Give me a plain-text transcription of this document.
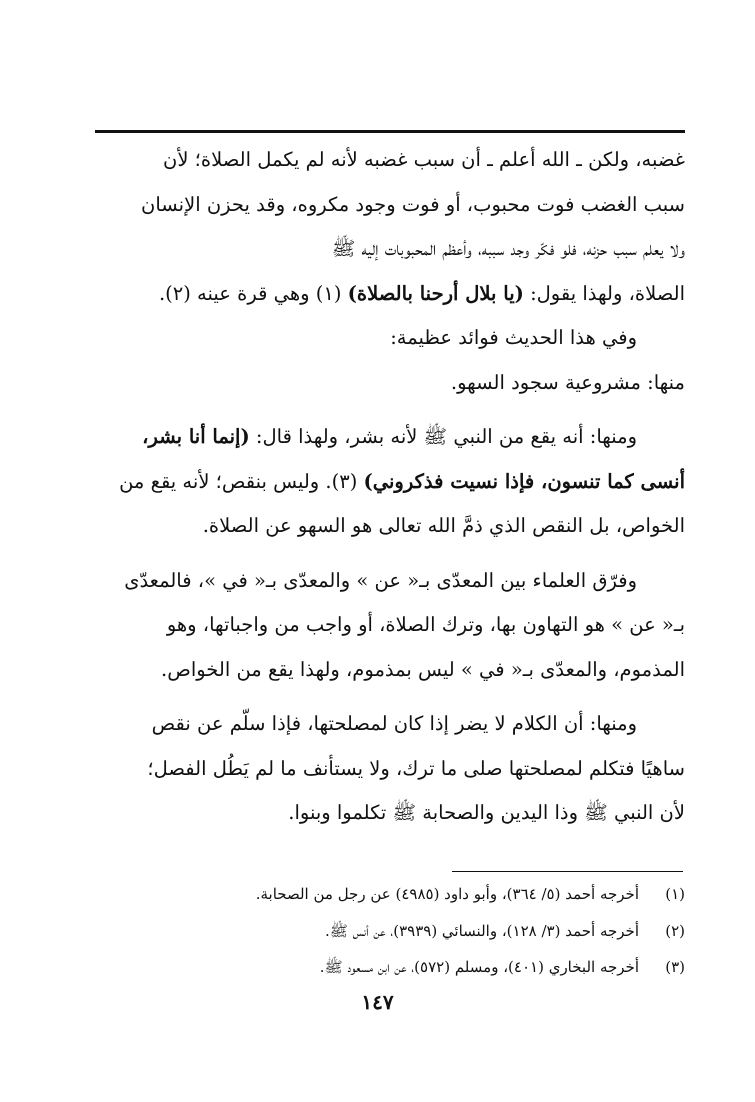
غضبه، ولكن ـ الله أعلم ـ أن سبب غضبه لأنه لم يكمل الصلاة؛ لأن

سبب الغضب فوت محبوب، أو فوت وجود مكروه، وقد يحزن الإنسان

ولا يعلم سبب حزنه، فلو فكّر وجد سببه، وأعظم المحبوبات إليه ﷺ

الصلاة، ولهذا يقول: (يا بلال أرحنا بالصلاة) (١) وهي قرة عينه (٢).

وفي هذا الحديث فوائد عظيمة:

منها: مشروعية سجود السهو.

ومنها: أنه يقع من النبي ﷺ لأنه بشر، ولهذا قال: (إنما أنا بشر،

أنسى كما تنسون، فإذا نسيت فذكروني) (٣). وليس بنقص؛ لأنه يقع من

الخواص، بل النقص الذي ذمَّ الله تعالى هو السهو عن الصلاة.

وفرّق العلماء بين المعدّى بـ« عن » والمعدّى بـ« في »، فالمعدّى

بـ« عن » هو التهاون بها، وترك الصلاة، أو واجب من واجباتها، وهو

المذموم، والمعدّى بـ« في » ليس بمذموم، ولهذا يقع من الخواص.

ومنها: أن الكلام لا يضر إذا كان لمصلحتها، فإذا سلّم عن نقص

ساهيًا فتكلم لمصلحتها صلى ما ترك، ولا يستأنف ما لم يَطُل الفصل؛

لأن النبي ﷺ وذا اليدين والصحابة ﷺ تكلموا وبنوا.

(١)
أخرجه أحمد (٥/ ٣٦٤)، وأبو داود (٤٩٨٥) عن رجل من الصحابة.
(٢)
أخرجه أحمد (٣/ ١٢٨)، والنسائي (٣٩٣٩)، عن أنس ﷺ.
(٣)
أخرجه البخاري (٤٠١)، ومسلم (٥٧٢)، عن ابن مسعود ﷺ.
١٤٧
